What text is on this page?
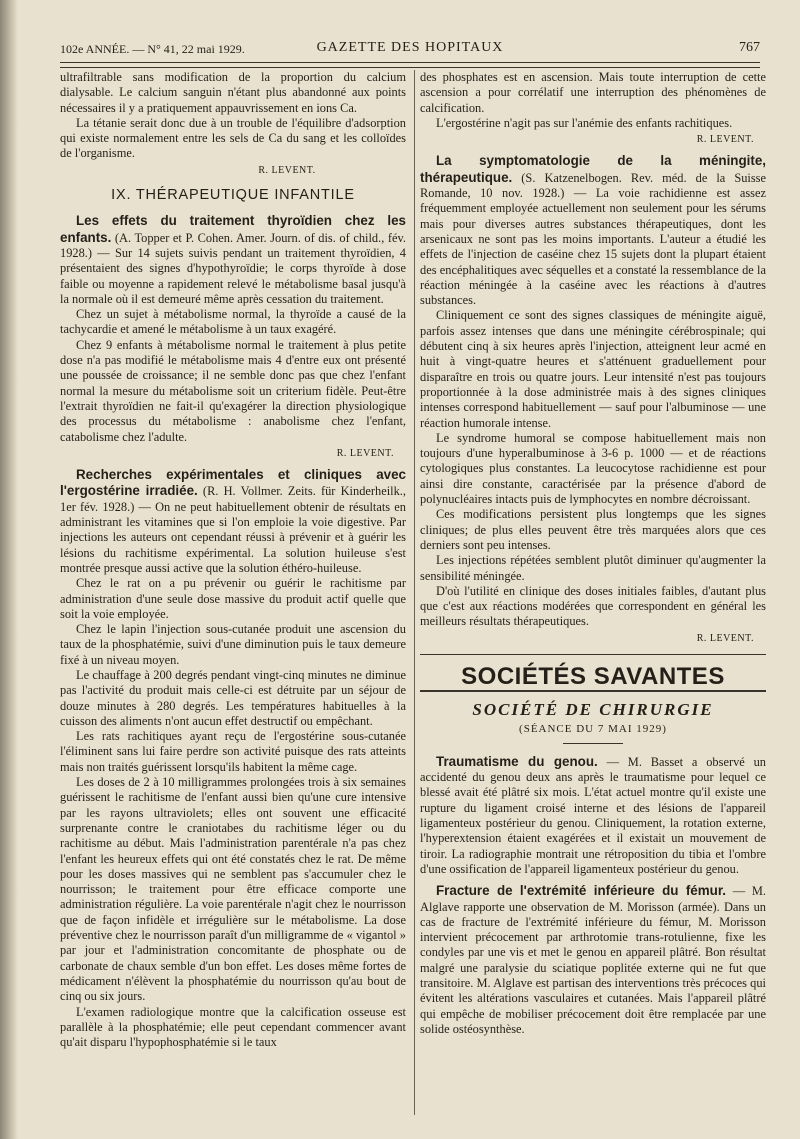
102e ANNÉE. — N° 41, 22 mai 1929.	GAZETTE DES HOPITAUX	767

ultrafiltrable sans modification de la proportion du calcium dialysable. Le calcium sanguin n'étant plus abandonné aux points nécessaires il y a pratiquement appauvrissement en ions Ca.

La tétanie serait donc due à un trouble de l'équilibre d'adsorption qui existe normalement entre les sels de Ca du sang et les colloïdes de l'organisme.

R. LEVENT.
IX. THÉRAPEUTIQUE INFANTILE

Les effets du traitement thyroïdien chez les enfants. (A. Topper et P. Cohen. Amer. Journ. of dis. of child., fév. 1928.) — Sur 14 sujets suivis pendant un traitement thyroïdien, 4 présentaient des signes d'hypothyroïdie; le corps thyroïde à dose faible ou moyenne a rapidement relevé le métabolisme basal jusqu'à la normale où il est demeuré même après cessation du traitement.

Chez un sujet à métabolisme normal, la thyroïde a causé de la tachycardie et amené le métabolisme à un taux exagéré.

Chez 9 enfants à métabolisme normal le traitement à plus petite dose n'a pas modifié le métabolisme mais 4 d'entre eux ont présenté une poussée de croissance; il ne semble donc pas que chez l'enfant normal la mesure du métabolisme soit un criterium fidèle. Peut-être l'extrait thyroïdien ne fait-il qu'exagérer la direction physiologique des processus du métabolisme : anabolisme chez l'enfant, catabolisme chez l'adulte.

R. LEVENT.

Recherches expérimentales et cliniques avec l'ergostérine irradiée. (R. H. Vollmer. Zeits. für Kinderheilk., 1er fév. 1928.) — On ne peut habituellement obtenir de résultats en administrant les vitamines que si l'on emploie la voie digestive. Par injections les auteurs ont cependant réussi à prévenir et à guérir les lésions du rachitisme expérimental. La solution huileuse s'est montrée presque aussi active que la solution éthéro-huileuse.

Chez le rat on a pu prévenir ou guérir le rachitisme par administration d'une seule dose massive du produit actif quelle que soit la voie employée.

Chez le lapin l'injection sous-cutanée produit une ascension du taux de la phosphatémie, suivi d'une diminution puis le taux demeure fixé à un niveau moyen.

Le chauffage à 200 degrés pendant vingt-cinq minutes ne diminue pas l'activité du produit mais celle-ci est détruite par un séjour de douze minutes à 280 degrés. Les températures habituelles à la cuisson des aliments n'ont aucun effet destructif ou empêchant.

Les rats rachitiques ayant reçu de l'ergostérine sous-cutanée l'éliminent sans lui faire perdre son activité puisque des rats atteints mais non traités guérissent lorsqu'ils habitent la même cage.

Les doses de 2 à 10 milligrammes prolongées trois à six semaines guérissent le rachitisme de l'enfant aussi bien qu'une cure intensive par les rayons ultraviolets; elles ont souvent une efficacité surprenante contre le craniotabes du rachitisme léger ou du rachitisme au début. Mais l'administration parentérale n'a pas chez l'enfant les heureux effets qui ont été constatés chez le rat. De même pour les doses massives qui ne semblent pas s'accumuler chez le nourrisson; le traitement pour être efficace comporte une administration régulière. La voie parentérale n'agit chez le nourrisson que de façon infidèle et irrégulière sur le métabolisme. La dose préventive chez le nourrisson paraît d'un milligramme de « vigantol » par jour et l'administration concomitante de phosphate ou de carbonate de chaux semble d'un bon effet. Les doses même fortes de médicament n'élèvent la phosphatémie du nourrisson qu'au bout de cinq ou six jours.

L'examen radiologique montre que la calcification osseuse est parallèle à la phosphatémie; elle peut cependant commencer avant qu'ait disparu l'hypophosphatémie si le taux

des phosphates est en ascension. Mais toute interruption de cette ascension a pour corrélatif une interruption des phénomènes de calcification.

L'ergostérine n'agit pas sur l'anémie des enfants rachitiques.

R. LEVENT.

La symptomatologie de la méningite, thérapeutique. (S. Katzenelbogen. Rev. méd. de la Suisse Romande, 10 nov. 1928.) — La voie rachidienne est assez fréquemment employée actuellement non seulement pour les sérums mais pour diverses autres substances thérapeutiques, dont les arsenicaux ne sont pas les moins importants. L'auteur a étudié les effets de l'injection de caséine chez 15 sujets dont la plupart étaient des encéphalitiques avec séquelles et a constaté la ressemblance de la réaction méningée à la caséine avec les réactions à d'autres substances.

Cliniquement ce sont des signes classiques de méningite aiguë, parfois assez intenses que dans une méningite cérébrospinale; qui débutent cinq à six heures après l'injection, atteignent leur acmé en huit à vingt-quatre heures et s'atténuent graduellement pour disparaître en trois ou quatre jours. Leur intensité n'est pas toujours proportionnée à la dose administrée mais à des signes cliniques intenses correspond habituellement — sauf pour l'albuminose — une réaction humorale intense.

Le syndrome humoral se compose habituellement mais non toujours d'une hyperalbuminose à 3-6 p. 1000 — et de réactions cytologiques plus constantes. La leucocytose rachidienne est pour ainsi dire constante, caractérisée par la présence d'abord de polynucléaires intacts puis de lymphocytes en nombre décroissant.

Ces modifications persistent plus longtemps que les signes cliniques; de plus elles peuvent être très marquées alors que ces derniers sont peu intenses.

Les injections répétées semblent plutôt diminuer qu'augmenter la sensibilité méningée.

D'où l'utilité en clinique des doses initiales faibles, d'autant plus que c'est aux réactions modérées que correspondent en général les meilleurs résultats thérapeutiques.

R. LEVENT.
SOCIÉTÉS SAVANTES
SOCIÉTÉ DE CHIRURGIE
(SÉANCE DU 7 MAI 1929)

Traumatisme du genou. — M. Basset a observé un accidenté du genou deux ans après le traumatisme pour lequel ce blessé avait été plâtré six mois. L'état actuel montre qu'il existe une rupture du ligament croisé interne et des lésions de l'appareil ligamenteux postérieur du genou. Cliniquement, la rotation externe, l'hyperextension étaient exagérées et il existait un mouvement de tiroir. La radiographie montrait une rétroposition du tibia et l'ombre d'une ossification de l'appareil ligamenteux postérieur du genou.

Fracture de l'extrémité inférieure du fémur. — M. Alglave rapporte une observation de M. Morisson (armée). Dans un cas de fracture de l'extrémité inférieure du fémur, M. Morisson intervient précocement par arthrotomie trans-rotulienne, fixe les condyles par une vis et met le genou en appareil plâtré. Bon résultat malgré une paralysie du sciatique poplitée externe qui ne fut que transitoire. M. Alglave est partisan des interventions très précoces qui évitent les altérations vasculaires et cutanées. Mais l'appareil plâtré qui empêche de mobiliser précocement doit être remplacée par une solide ostéosynthèse.
